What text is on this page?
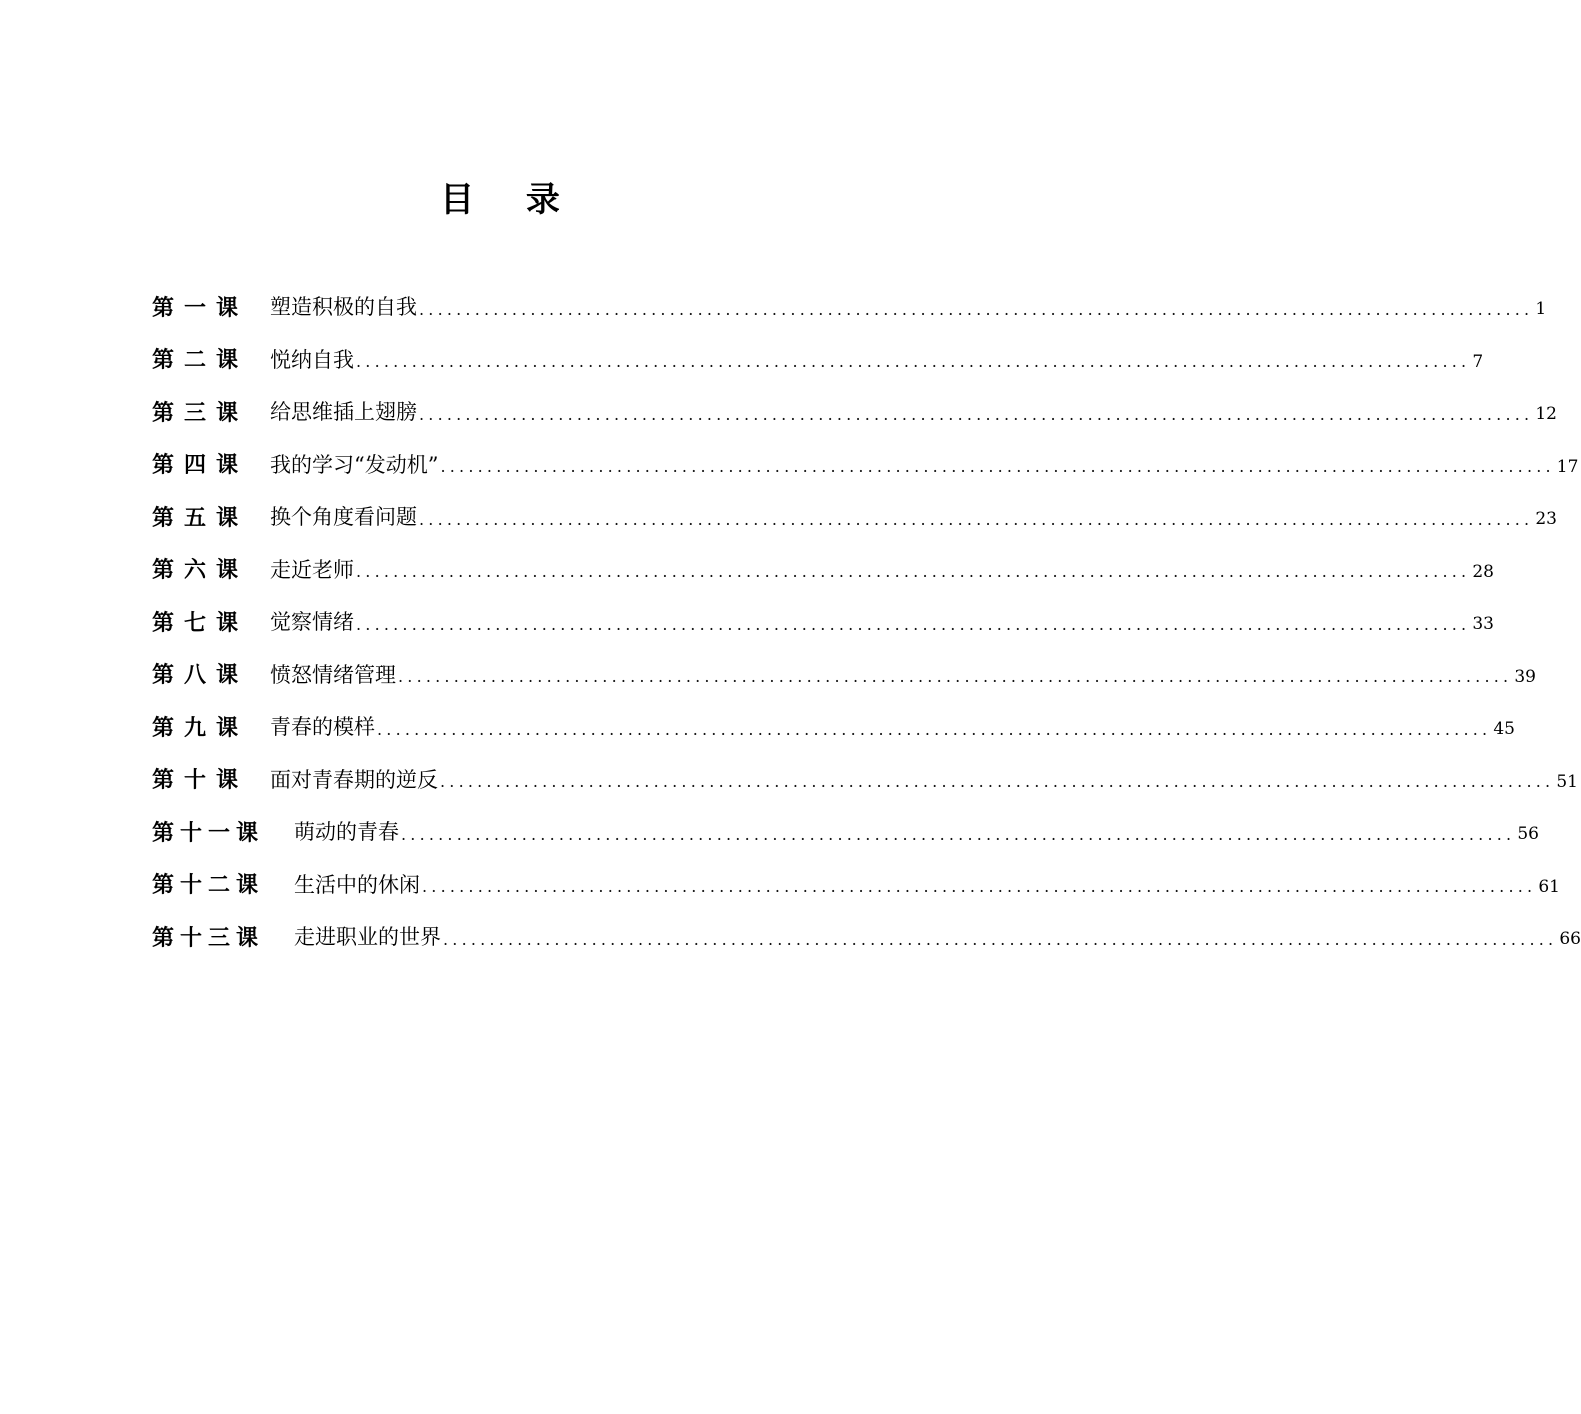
目 录
第一课	塑造积极的自我 ........................................................................................................................ 1
第二课	悦纳自我 ........................................................................................................................ 7
第三课	给思维插上翅膀 ........................................................................................................................ 12
第四课	我的学习“发动机” ........................................................................................................................ 17
第五课	换个角度看问题 ........................................................................................................................ 23
第六课	走近老师 ........................................................................................................................ 28
第七课	觉察情绪 ........................................................................................................................ 33
第八课	愤怒情绪管理 ........................................................................................................................ 39
第九课	青春的模样 ........................................................................................................................ 45
第十课	面对青春期的逆反 ........................................................................................................................ 51
第十一课	萌动的青春 ........................................................................................................................ 56
第十二课	生活中的休闲 ........................................................................................................................ 61
第十三课	走进职业的世界 ........................................................................................................................ 66
